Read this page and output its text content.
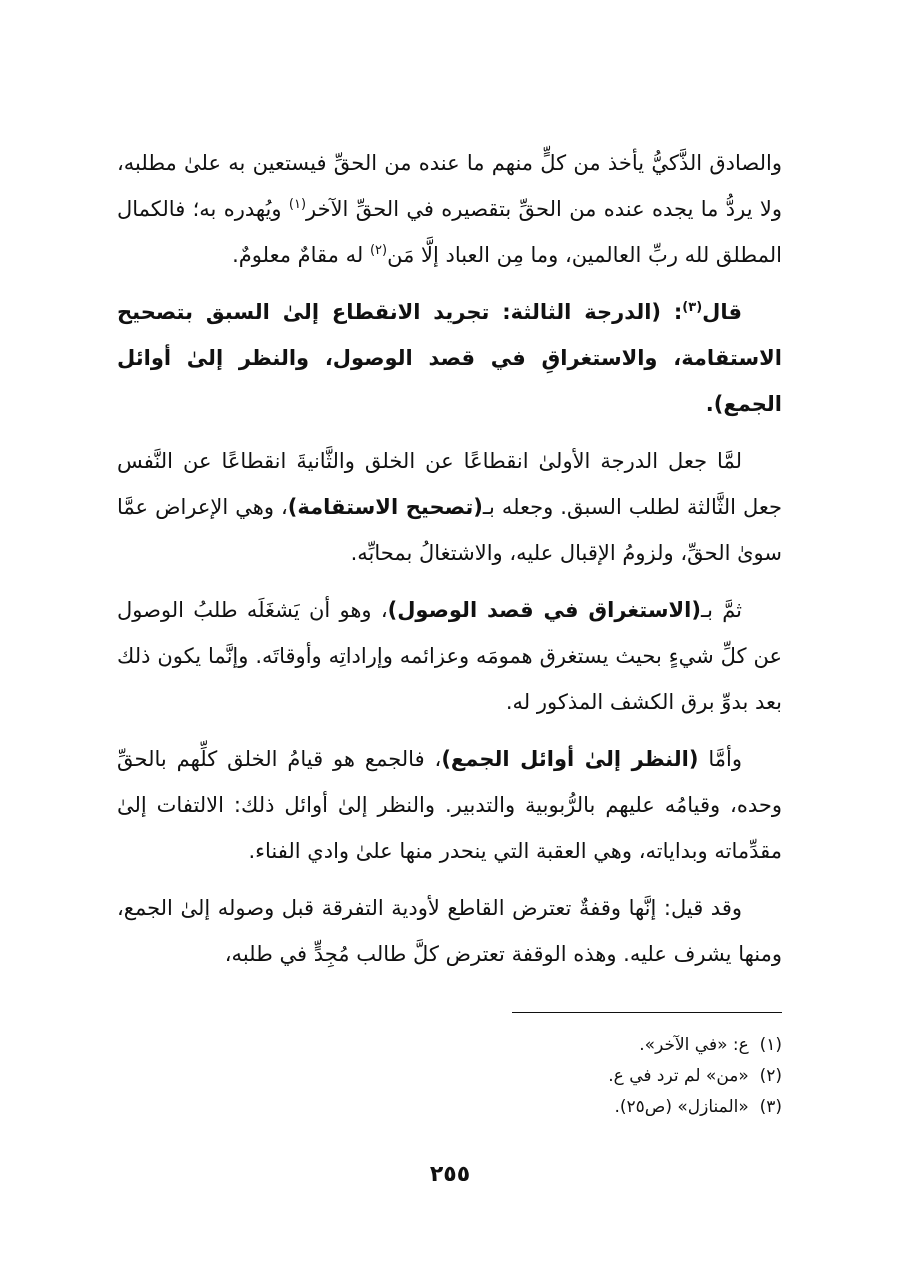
والصادق الذَّكيُّ يأخذ من كلٍّ منهم ما عنده من الحقِّ فيستعين به علىٰ مطلبه، ولا يردُّ ما يجده عنده من الحقِّ بتقصيره في الحقِّ الآخر$^{(١)}$ ويُهدره به؛ فالكمال المطلق لله ربِّ العالمين، وما مِن العباد إلَّا مَن$^{(٢)}$ له مقامٌ معلومٌ.

قال$^{(٣)}$: (الدرجة الثالثة: تجريد الانقطاع إلىٰ السبق بتصحيح الاستقامة، والاستغراقِ في قصد الوصول، والنظر إلىٰ أوائل الجمع).

لمَّا جعل الدرجة الأولىٰ انقطاعًا عن الخلق والثَّانيةَ انقطاعًا عن النَّفس جعل الثَّالثة لطلب السبق. وجعله بـ(تصحيح الاستقامة)، وهي الإعراض عمَّا سوىٰ الحقِّ، ولزومُ الإقبال عليه، والاشتغالُ بمحابِّه.

ثمَّ بـ(الاستغراق في قصد الوصول)، وهو أن يَشغَلَه طلبُ الوصول عن كلِّ شيءٍ بحيث يستغرق همومَه وعزائمه وإراداتِه وأوقاتَه. وإنَّما يكون ذلك بعد بدوِّ برق الكشف المذكور له.

وأمَّا (النظر إلىٰ أوائل الجمع)، فالجمع هو قيامُ الخلق كلِّهم بالحقِّ وحده، وقيامُه عليهم بالرُّبوبية والتدبير. والنظر إلىٰ أوائل ذلك: الالتفات إلىٰ مقدِّماته وبداياته، وهي العقبة التي ينحدر منها علىٰ وادي الفناء.

وقد قيل: إنَّها وقفةٌ تعترض القاطع لأودية التفرقة قبل وصوله إلىٰ الجمع، ومنها يشرف عليه. وهذه الوقفة تعترض كلَّ طالب مُجِدٍّ في طلبه،

(١)  ع: «في الآخر».

(٢)  «من» لم ترد في ع.

(٣)  «المنازل» (ص٢٥).

٢٥٥
